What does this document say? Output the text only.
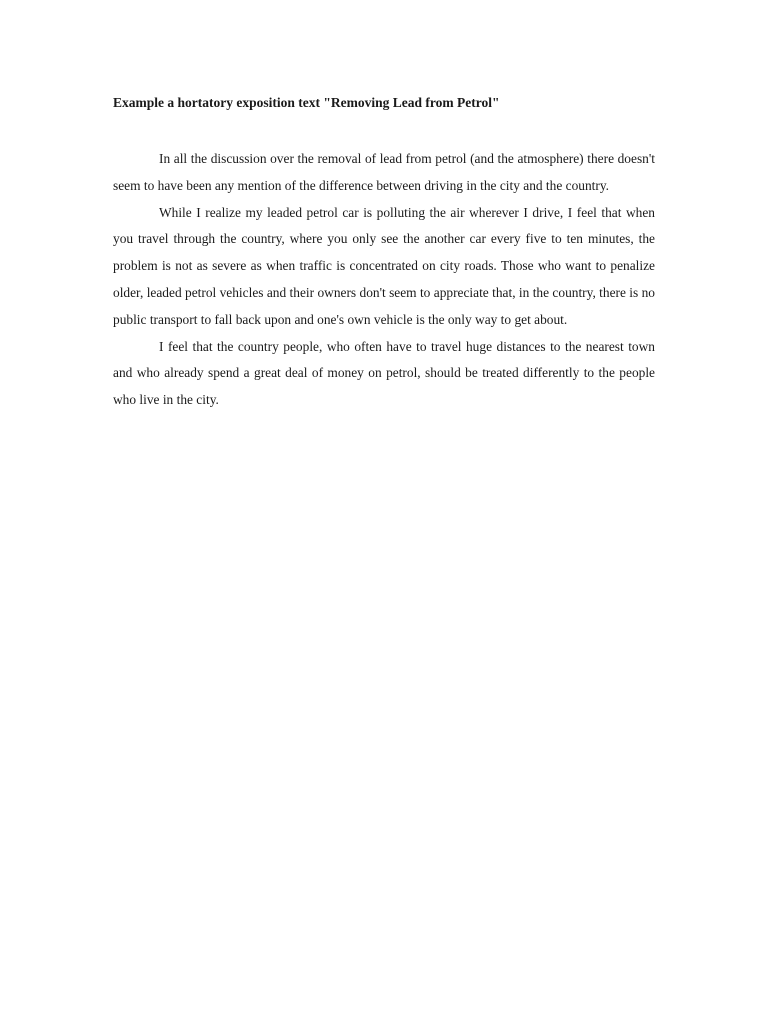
Example a hortatory exposition text "Removing Lead from Petrol"

In all the discussion over the removal of lead from petrol (and the atmosphere) there doesn't seem to have been any mention of the difference between driving in the city and the country.

While I realize my leaded petrol car is polluting the air wherever I drive, I feel that when you travel through the country, where you only see the another car every five to ten minutes, the problem is not as severe as when traffic is concentrated on city roads. Those who want to penalize older, leaded petrol vehicles and their owners don't seem to appreciate that, in the country, there is no public transport to fall back upon and one's own vehicle is the only way to get about.

I feel that the country people, who often have to travel huge distances to the nearest town and who already spend a great deal of money on petrol, should be treated differently to the people who live in the city.
